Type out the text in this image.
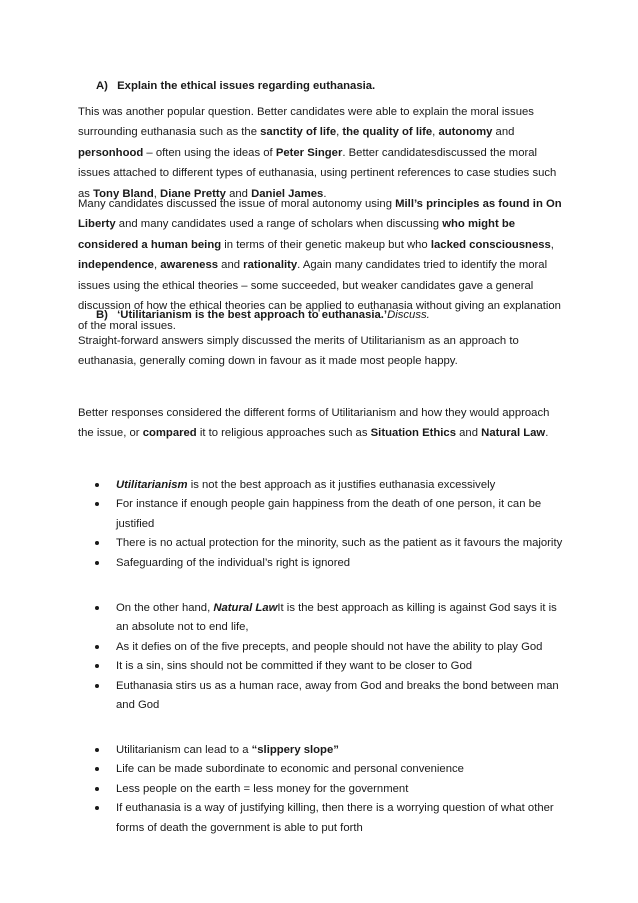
A) Explain the ethical issues regarding euthanasia.

This was another popular question. Better candidates were able to explain the moral issues surrounding euthanasia such as the sanctity of life, the quality of life, autonomy and personhood – often using the ideas of Peter Singer. Better candidatesdiscussed the moral issues attached to different types of euthanasia, using pertinent references to case studies such as Tony Bland, Diane Pretty and Daniel James.

Many candidates discussed the issue of moral autonomy using Mill’s principles as found in On Liberty and many candidates used a range of scholars when discussing who might be considered a human being in terms of their genetic makeup but who lacked consciousness, independence, awareness and rationality. Again many candidates tried to identify the moral issues using the ethical theories – some succeeded, but weaker candidates gave a general discussion of how the ethical theories can be applied to euthanasia without giving an explanation of the moral issues.

B) ‘Utilitarianism is the best approach to euthanasia.’Discuss.

Straight-forward answers simply discussed the merits of Utilitarianism as an approach to euthanasia, generally coming down in favour as it made most people happy.

Better responses considered the different forms of Utilitarianism and how they would approach the issue, or compared it to religious approaches such as Situation Ethics and Natural Law.

Utilitarianism is not the best approach as it justifies euthanasia excessively
For instance if enough people gain happiness from the death of one person, it can be justified
There is no actual protection for the minority, such as the patient as it favours the majority
Safeguarding of the individual’s right is ignored
On the other hand, Natural LawIt is the best approach as killing is against God says it is an absolute not to end life,
As it defies on of the five precepts, and people should not have the ability to play God
It is a sin, sins should not be committed if they want to be closer to God
Euthanasia stirs us as a human race, away from God and breaks the bond between man and God
Utilitarianism can lead to a “slippery slope”
Life can be made subordinate to economic and personal convenience
Less people on the earth = less money for the government
If euthanasia is a way of justifying killing, then there is a worrying question of what other forms of death the government is able to put forth
